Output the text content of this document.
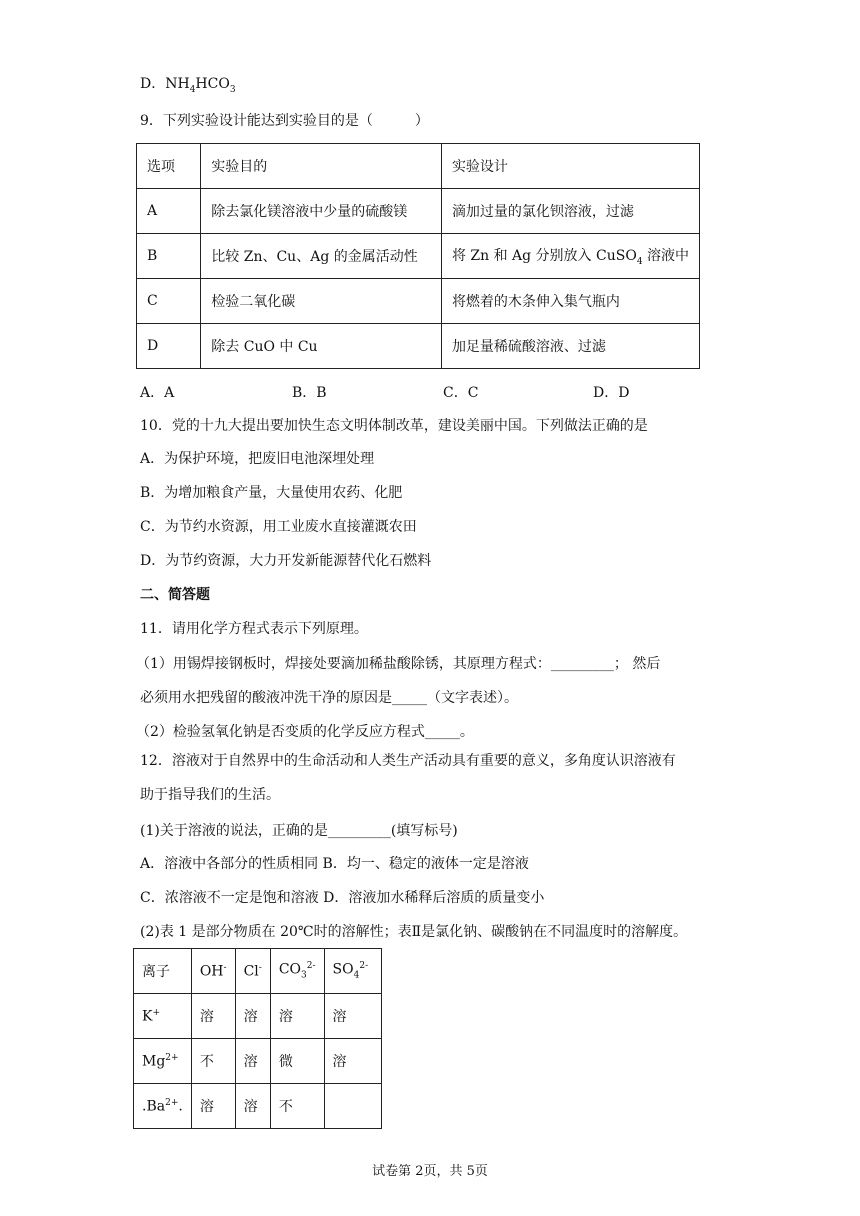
D．$NH_4HCO_3$
9．下列实验设计能达到实验目的是（　　　）
选项	实验目的	实验设计
A	除去氯化镁溶液中少量的硫酸镁	滴加过量的氯化钡溶液，过滤
B	比较 Zn、Cu、Ag 的金属活动性	将 Zn 和 Ag 分别放入 CuSO$_4$ 溶液中
C	检验二氧化碳	将燃着的木条伸入集气瓶内
D	除去 CuO 中 Cu	加足量稀硫酸溶液、过滤
A．A	B．B	C．C	D．D
10．党的十九大提出要加快生态文明体制改革，建设美丽中国。下列做法正确的是
A．为保护环境，把废旧电池深埋处理
B．为增加粮食产量，大量使用农药、化肥
C．为节约水资源，用工业废水直接灌溉农田
D．为节约资源，大力开发新能源替代化石燃料
二、简答题
11．请用化学方程式表示下列原理。
（1）用锡焊接钢板时，焊接处要滴加稀盐酸除锈，其原理方程式：_________； 然后
必须用水把残留的酸液冲洗干净的原因是_____（文字表述）。
（2）检验氢氧化钠是否变质的化学反应方程式_____。
12．溶液对于自然界中的生命活动和人类生产活动具有重要的意义，多角度认识溶液有
助于指导我们的生活。
(1)关于溶液的说法，正确的是_________(填写标号)
A．溶液中各部分的性质相同 B．均一、稳定的液体一定是溶液
C．浓溶液不一定是饱和溶液 D．溶液加水稀释后溶质的质量变小
(2)表 1 是部分物质在 20℃时的溶解性；表Ⅱ是氯化钠、碳酸钠在不同温度时的溶解度。
离子	OH-	Cl-	$CO_3^{2-}$	$SO_4^{2-}$
K+	溶	溶	溶	溶
$Mg^{2+}$	不	溶	微	溶
$.Ba^{2+}$.	溶	溶	不	
试卷第 2页，共 5页
